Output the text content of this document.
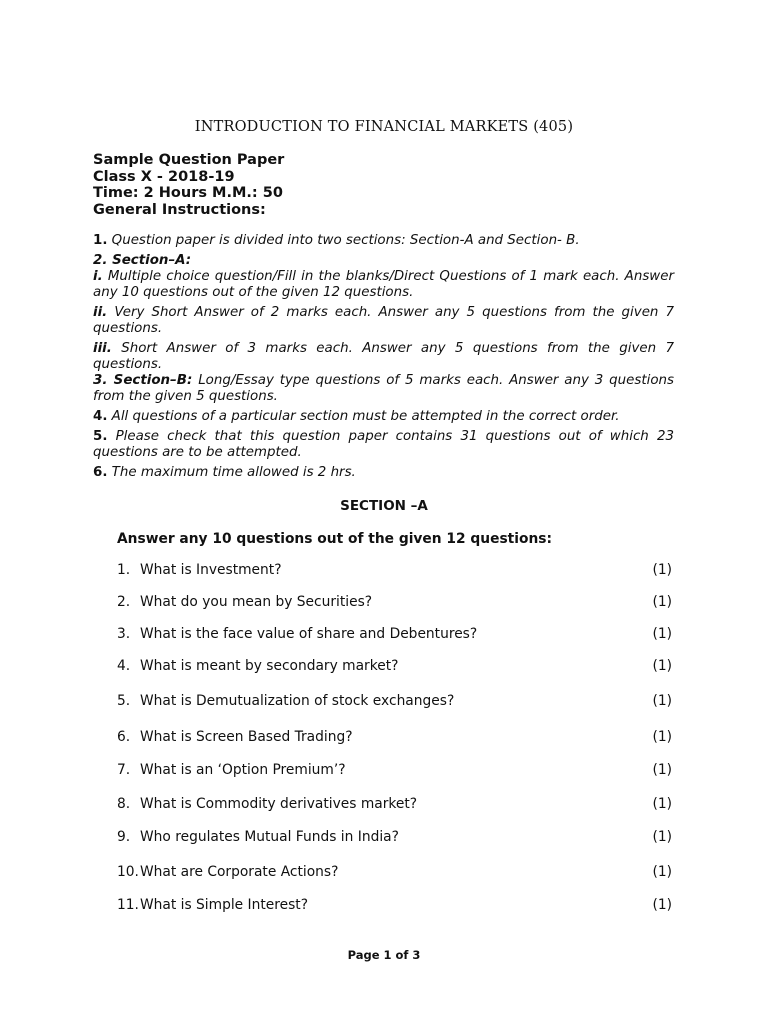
INTRODUCTION TO FINANCIAL MARKETS (405)
Sample Question Paper
Class X - 2018-19
Time: 2 Hours M.M.: 50
General Instructions:
1. Question paper is divided into two sections: Section-A and Section- B.
2. Section–A:
i. Multiple choice question/Fill in the blanks/Direct Questions of 1 mark each. Answer any 10 questions out of the given 12 questions.
ii. Very Short Answer of 2 marks each. Answer any 5 questions from the given 7 questions.
iii. Short Answer of 3 marks each. Answer any 5 questions from the given 7 questions.
3. Section–B: Long/Essay type questions of 5 marks each. Answer any 3 questions from the given 5 questions.
4. All questions of a particular section must be attempted in the correct order.
5. Please check that this question paper contains 31 questions out of which 23 questions are to be attempted.
6. The maximum time allowed is 2 hrs.
SECTION –A
Answer any 10 questions out of the given 12 questions:
1. What is Investment?	(1)
2. What do you mean by Securities?	(1)
3. What is the face value of share and Debentures?	(1)
4. What is meant by secondary market?	(1)
5. What is Demutualization of stock exchanges?	(1)
6. What is Screen Based Trading?	(1)
7. What is an ‘Option Premium’?	(1)
8. What is Commodity derivatives market?	(1)
9. Who regulates Mutual Funds in India?	(1)
10. What are Corporate Actions?	(1)
11. What is Simple Interest?	(1)
Page 1 of 3
